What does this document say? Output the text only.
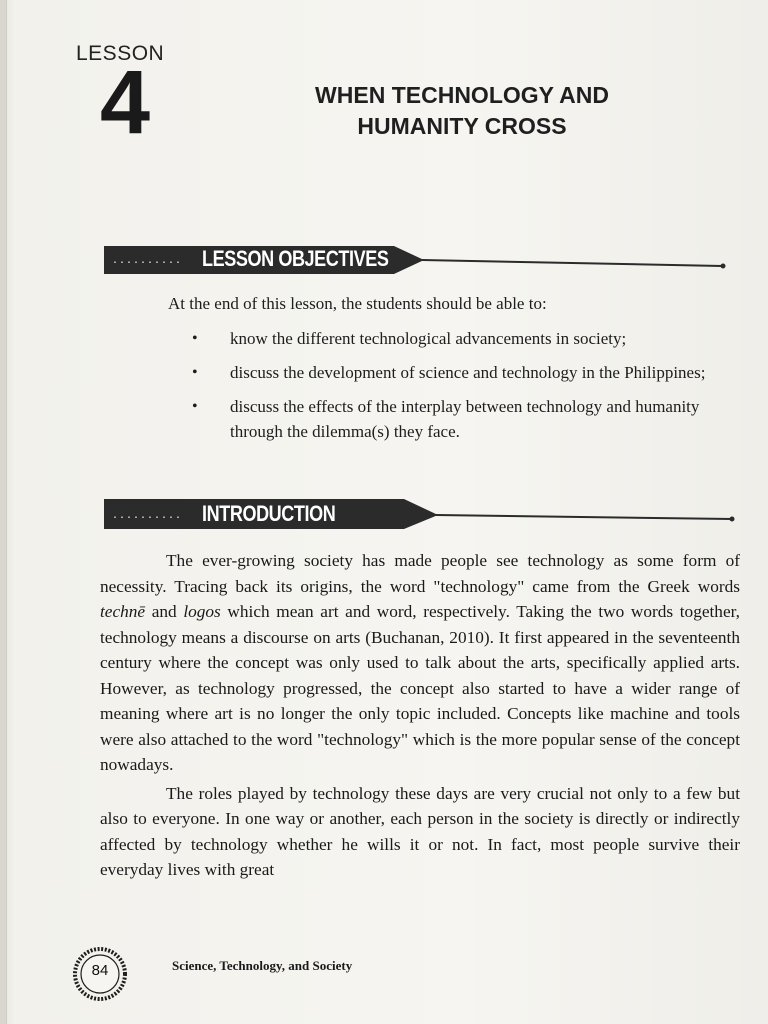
LESSON
4	WHEN TECHNOLOGY AND
HUMANITY CROSS
·········· LESSON OBJECTIVES
At the end of this lesson, the students should be able to:
• know the different technological advancements in society;
• discuss the development of science and technology in the Philippines;
• discuss the effects of the interplay between technology and humanity through the dilemma(s) they face.
·········· INTRODUCTION

The ever-growing society has made people see technology as some form of necessity. Tracing back its origins, the word "technology" came from the Greek words technē and logos which mean art and word, respectively. Taking the two words together, technology means a discourse on arts (Buchanan, 2010). It first appeared in the seventeenth century where the concept was only used to talk about the arts, specifically applied arts. However, as technology progressed, the concept also started to have a wider range of meaning where art is no longer the only topic included. Concepts like machine and tools were also attached to the word "technology" which is the more popular sense of the concept nowadays.

The roles played by technology these days are very crucial not only to a few but also to everyone. In one way or another, each person in the society is directly or indirectly affected by technology whether he wills it or not. In fact, most people survive their everyday lives with great

84	Science, Technology, and Society
